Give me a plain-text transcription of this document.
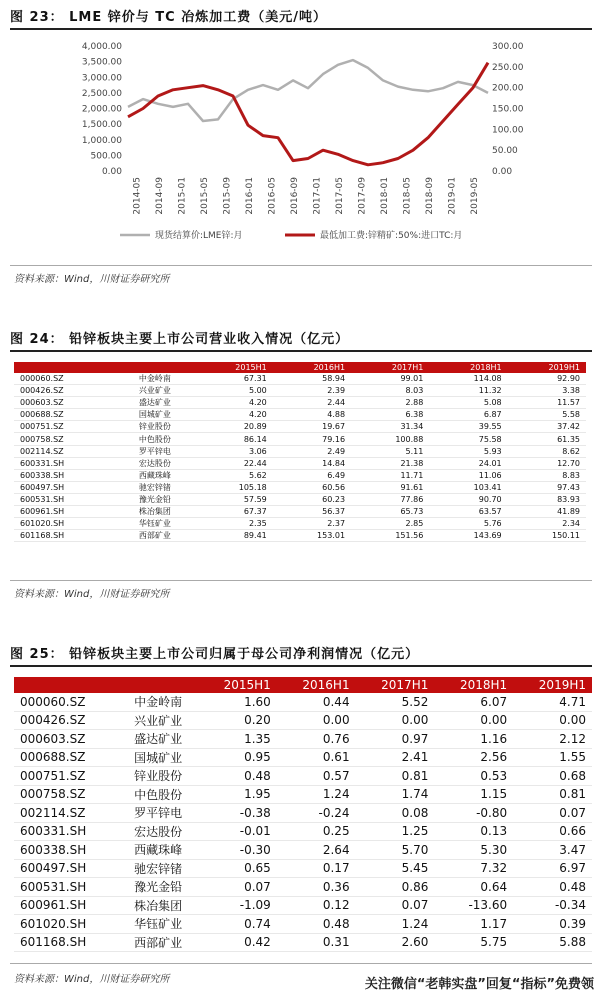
图 23： LME 锌价与 TC 冶炼加工费（美元/吨）
4,000.00
3,500.00
3,000.00
2,500.00
2,000.00
1,500.00
1,000.00
500.00
0.00
300.00
250.00
200.00
150.00
100.00
50.00
0.00
2014-05 2014-09 2015-01 2015-05 2015-09 2016-01 2016-05 2016-09 2017-01 2017-05 2017-09 2018-01 2018-05 2018-09 2019-01 2019-05
现货结算价:LME锌:月	最低加工费:锌精矿:50%:进口TC:月
资料来源：Wind，川财证券研究所
图 24： 铅锌板块主要上市公司营业收入情况（亿元）
		2015H1	2016H1	2017H1	2018H1	2019H1
000060.SZ	中金岭南	67.31	58.94	99.01	114.08	92.90
000426.SZ	兴业矿业	5.00	2.39	8.03	11.32	3.38
000603.SZ	盛达矿业	4.20	2.44	2.88	5.08	11.57
000688.SZ	国城矿业	4.20	4.88	6.38	6.87	5.58
000751.SZ	锌业股份	20.89	19.67	31.34	39.55	37.42
000758.SZ	中色股份	86.14	79.16	100.88	75.58	61.35
002114.SZ	罗平锌电	3.06	2.49	5.11	5.93	8.62
600331.SH	宏达股份	22.44	14.84	21.38	24.01	12.70
600338.SH	西藏珠峰	5.62	6.49	11.71	11.06	8.83
600497.SH	驰宏锌锗	105.18	60.56	91.61	103.41	97.43
600531.SH	豫光金铅	57.59	60.23	77.86	90.70	83.93
600961.SH	株冶集团	67.37	56.37	65.73	63.57	41.89
601020.SH	华钰矿业	2.35	2.37	2.85	5.76	2.34
601168.SH	西部矿业	89.41	153.01	151.56	143.69	150.11
资料来源：Wind，川财证券研究所
图 25： 铅锌板块主要上市公司归属于母公司净利润情况（亿元）
		2015H1	2016H1	2017H1	2018H1	2019H1
000060.SZ	中金岭南	1.60	0.44	5.52	6.07	4.71
000426.SZ	兴业矿业	0.20	0.00	0.00	0.00	0.00
000603.SZ	盛达矿业	1.35	0.76	0.97	1.16	2.12
000688.SZ	国城矿业	0.95	0.61	2.41	2.56	1.55
000751.SZ	锌业股份	0.48	0.57	0.81	0.53	0.68
000758.SZ	中色股份	1.95	1.24	1.74	1.15	0.81
002114.SZ	罗平锌电	-0.38	-0.24	0.08	-0.80	0.07
600331.SH	宏达股份	-0.01	0.25	1.25	0.13	0.66
600338.SH	西藏珠峰	-0.30	2.64	5.70	5.30	3.47
600497.SH	驰宏锌锗	0.65	0.17	5.45	7.32	6.97
600531.SH	豫光金铅	0.07	0.36	0.86	0.64	0.48
600961.SH	株冶集团	-1.09	0.12	0.07	-13.60	-0.34
601020.SH	华钰矿业	0.74	0.48	1.24	1.17	0.39
601168.SH	西部矿业	0.42	0.31	2.60	5.75	5.88
资料来源：Wind，川财证券研究所	关注微信“老韩实盘”回复“指标”免费领
